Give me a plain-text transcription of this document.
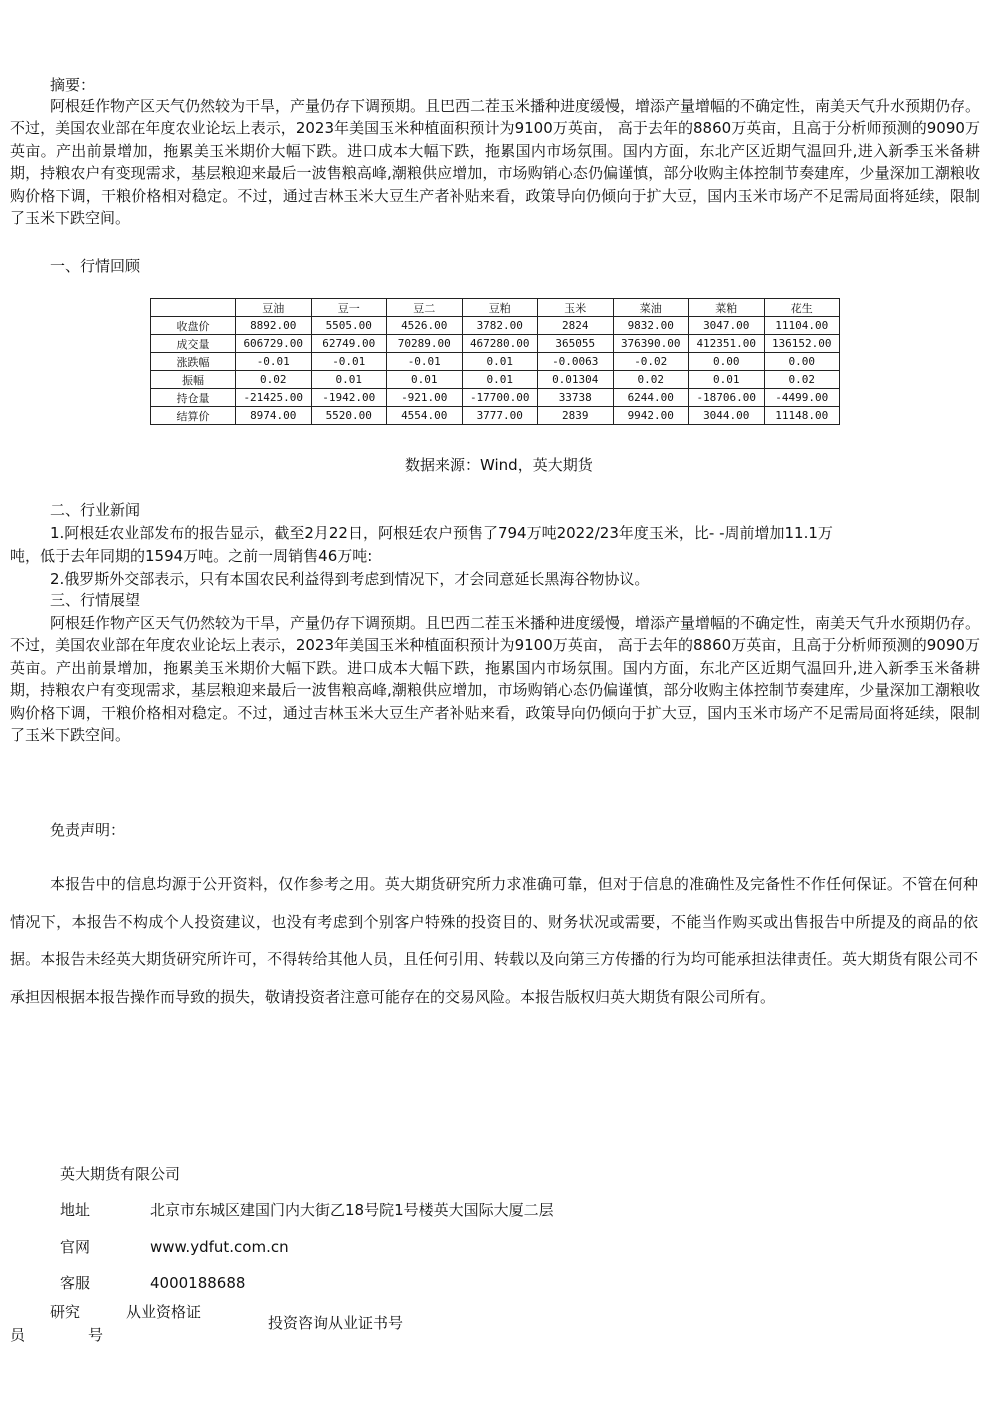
摘要：

阿根廷作物产区天气仍然较为干旱，产量仍存下调预期。且巴西二茬玉米播种进度缓慢，增添产量增幅的不确定性，南美天气升水预期仍存。不过，美国农业部在年度农业论坛上表示，2023年美国玉米种植面积预计为9100万英亩， 高于去年的8860万英亩，且高于分析师预测的9090万英亩。产出前景增加，拖累美玉米期价大幅下跌。进口成本大幅下跌，拖累国内市场氛围。国内方面，东北产区近期气温回升,进入新季玉米备耕期，持粮农户有变现需求，基层粮迎来最后一波售粮高峰,潮粮供应增加，市场购销心态仍偏谨慎，部分收购主体控制节奏建库，少量深加工潮粮收购价格下调，干粮价格相对稳定。不过，通过吉林玉米大豆生产者补贴来看，政策导向仍倾向于扩大豆，国内玉米市场产不足需局面将延续，限制了玉米下跌空间。

一、行情回顾
	豆油	豆一	豆二	豆粕	玉米	菜油	菜粕	花生
收盘价	8892.00	5505.00	4526.00	3782.00	2824	9832.00	3047.00	11104.00
成交量	606729.00	62749.00	70289.00	467280.00	365055	376390.00	412351.00	136152.00
涨跌幅	-0.01	-0.01	-0.01	0.01	-0.0063	-0.02	0.00	0.00
振幅	0.02	0.01	0.01	0.01	0.01304	0.02	0.01	0.02
持仓量	-21425.00	-1942.00	-921.00	-17700.00	33738	6244.00	-18706.00	-4499.00
结算价	8974.00	5520.00	4554.00	3777.00	2839	9942.00	3044.00	11148.00
数据来源：Wind，英大期货
二、行业新闻
1.阿根廷农业部发布的报告显示，截至2月22日，阿根廷农户预售了794万吨2022/23年度玉米，比- -周前增加11.1万
吨，低于去年同期的1594万吨。之前一周销售46万吨:
2.俄罗斯外交部表示，只有本国农民利益得到考虑到情况下，才会同意延长黑海谷物协议。
三、行情展望

阿根廷作物产区天气仍然较为干旱，产量仍存下调预期。且巴西二茬玉米播种进度缓慢，增添产量增幅的不确定性，南美天气升水预期仍存。不过，美国农业部在年度农业论坛上表示，2023年美国玉米种植面积预计为9100万英亩， 高于去年的8860万英亩，且高于分析师预测的9090万英亩。产出前景增加，拖累美玉米期价大幅下跌。进口成本大幅下跌，拖累国内市场氛围。国内方面，东北产区近期气温回升,进入新季玉米备耕期，持粮农户有变现需求，基层粮迎来最后一波售粮高峰,潮粮供应增加，市场购销心态仍偏谨慎，部分收购主体控制节奏建库，少量深加工潮粮收购价格下调，干粮价格相对稳定。不过，通过吉林玉米大豆生产者补贴来看，政策导向仍倾向于扩大豆，国内玉米市场产不足需局面将延续，限制了玉米下跌空间。

免责声明：

本报告中的信息均源于公开资料，仅作参考之用。英大期货研究所力求准确可靠，但对于信息的准确性及完备性不作任何保证。不管在何种情况下，本报告不构成个人投资建议，也没有考虑到个别客户特殊的投资目的、财务状况或需要，不能当作购买或出售报告中所提及的商品的依据。本报告未经英大期货研究所许可，不得转给其他人员，且任何引用、转载以及向第三方传播的行为均可能承担法律责任。英大期货有限公司不承担因根据本报告操作而导致的损失，敬请投资者注意可能存在的交易风险。本报告版权归英大期货有限公司所有。

英大期货有限公司
地址	北京市东城区建国门内大街乙18号院1号楼英大国际大厦二层
官网	www.ydfut.com.cn
客服	4000188688
研究
员
从业资格证
号
投资咨询从业证书号
